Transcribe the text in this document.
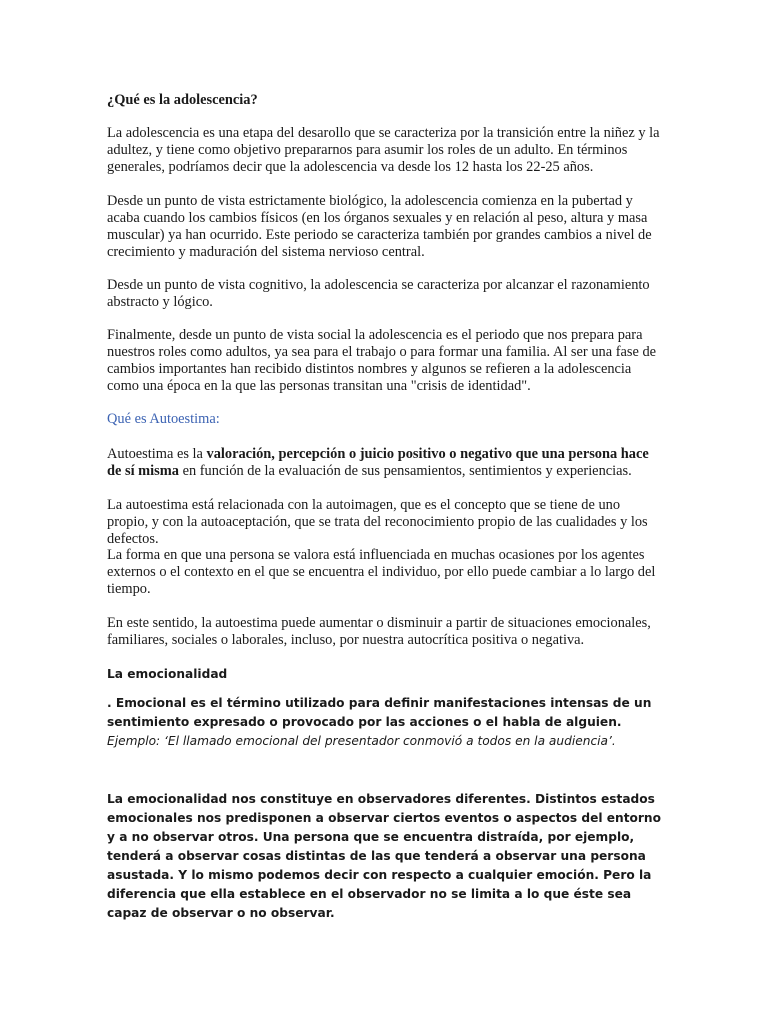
¿Qué es la adolescencia?

La adolescencia es una etapa del desarollo que se caracteriza por la transición entre la niñez y la adultez, y tiene como objetivo prepararnos para asumir los roles de un adulto. En términos generales, podríamos decir que la adolescencia va desde los 12 hasta los 22-25 años.

Desde un punto de vista estrictamente biológico, la adolescencia comienza en la pubertad y acaba cuando los cambios físicos (en los órganos sexuales y en relación al peso, altura y masa muscular) ya han ocurrido. Este periodo se caracteriza también por grandes cambios a nivel de crecimiento y maduración del sistema nervioso central.

Desde un punto de vista cognitivo, la adolescencia se caracteriza por alcanzar el razonamiento abstracto y lógico.

Finalmente, desde un punto de vista social la adolescencia es el periodo que nos prepara para nuestros roles como adultos, ya sea para el trabajo o para formar una familia. Al ser una fase de cambios importantes han recibido distintos nombres y algunos se refieren a la adolescencia como una época en la que las personas transitan una "crisis de identidad".

Qué es Autoestima:

Autoestima es la valoración, percepción o juicio positivo o negativo que una persona hace de sí misma en función de la evaluación de sus pensamientos, sentimientos y experiencias.

La autoestima está relacionada con la autoimagen, que es el concepto que se tiene de uno propio, y con la autoaceptación, que se trata del reconocimiento propio de las cualidades y los defectos.

La forma en que una persona se valora está influenciada en muchas ocasiones por los agentes externos o el contexto en el que se encuentra el individuo, por ello puede cambiar a lo largo del tiempo.

En este sentido, la autoestima puede aumentar o disminuir a partir de situaciones emocionales, familiares, sociales o laborales, incluso, por nuestra autocrítica positiva o negativa.

La emocionalidad

. Emocional es el término utilizado para definir manifestaciones intensas de un sentimiento expresado o provocado por las acciones o el habla de alguien. Ejemplo: ‘El llamado emocional del presentador conmovió a todos en la audiencia’.

La emocionalidad nos constituye en observadores diferentes. Distintos estados emocionales nos predisponen a observar ciertos eventos o aspectos del entorno y a no observar otros. Una persona que se encuentra distraída, por ejemplo, tenderá a observar cosas distintas de las que tenderá a observar una persona asustada. Y lo mismo podemos decir con respecto a cualquier emoción. Pero la diferencia que ella establece en el observador no se limita a lo que éste sea capaz de observar o no observar.
